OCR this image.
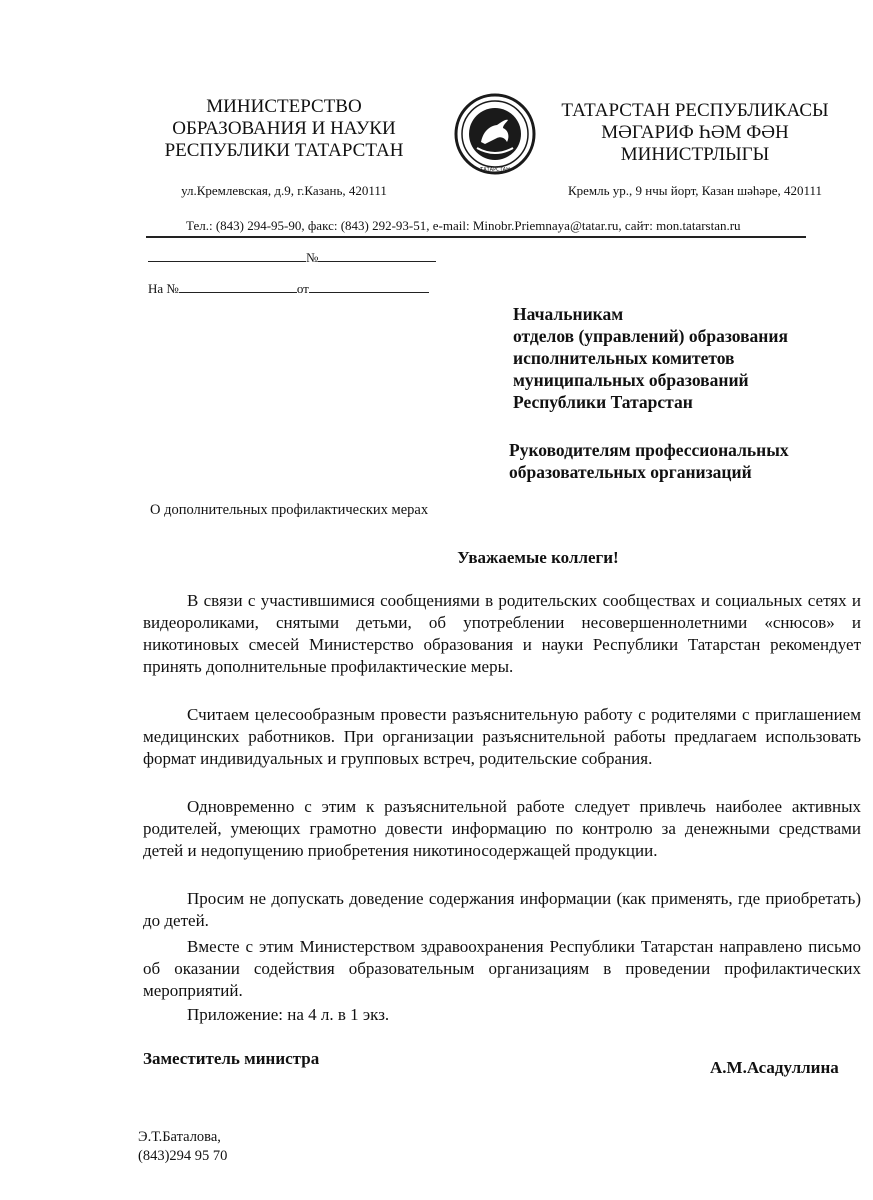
МИНИСТЕРСТВО
ОБРАЗОВАНИЯ И НАУКИ
РЕСПУБЛИКИ ТАТАРСТАН
ул.Кремлевская, д.9, г.Казань, 420111
ТАТАРСТАН
ТАТАРСТАН РЕСПУБЛИКАСЫ
МӘГАРИФ ҺӘМ ФӘН
МИНИСТРЛЫГЫ
Кремль ур., 9 нчы йорт, Казан шәһәре, 420111
Тел.: (843) 294-95-90, факс: (843) 292-93-51, e-mail: Minobr.Priemnaya@tatar.ru, сайт: mon.tatarstan.ru
№
На №	от
Начальникам
отделов (управлений) образования
исполнительных комитетов
муниципальных образований
Республики Татарстан
Руководителям профессиональных
образовательных организаций
О дополнительных профилактических мерах
Уважаемые коллеги!

В связи с участившимися сообщениями в родительских сообществах и социальных сетях и видеороликами, снятыми детьми, об употреблении несовершеннолетними «снюсов» и никотиновых смесей Министерство образования и науки Республики Татарстан рекомендует принять дополнительные профилактические меры.

Считаем целесообразным провести разъяснительную работу с родителями с приглашением медицинских работников. При организации разъяснительной работы предлагаем использовать формат индивидуальных и групповых встреч, родительские собрания.

Одновременно с этим к разъяснительной работе следует привлечь наиболее активных родителей, умеющих грамотно довести информацию по контролю за денежными средствами детей и недопущению приобретения никотиносодержащей продукции.

Просим не допускать доведение содержания информации (как применять, где приобретать) до детей.

Вместе с этим Министерством здравоохранения Республики Татарстан направлено письмо об оказании содействия образовательным организациям в проведении профилактических мероприятий.

Приложение: на 4 л. в 1 экз.

Заместитель министра	А.М.Асадуллина
Э.Т.Баталова,
(843)294 95 70
